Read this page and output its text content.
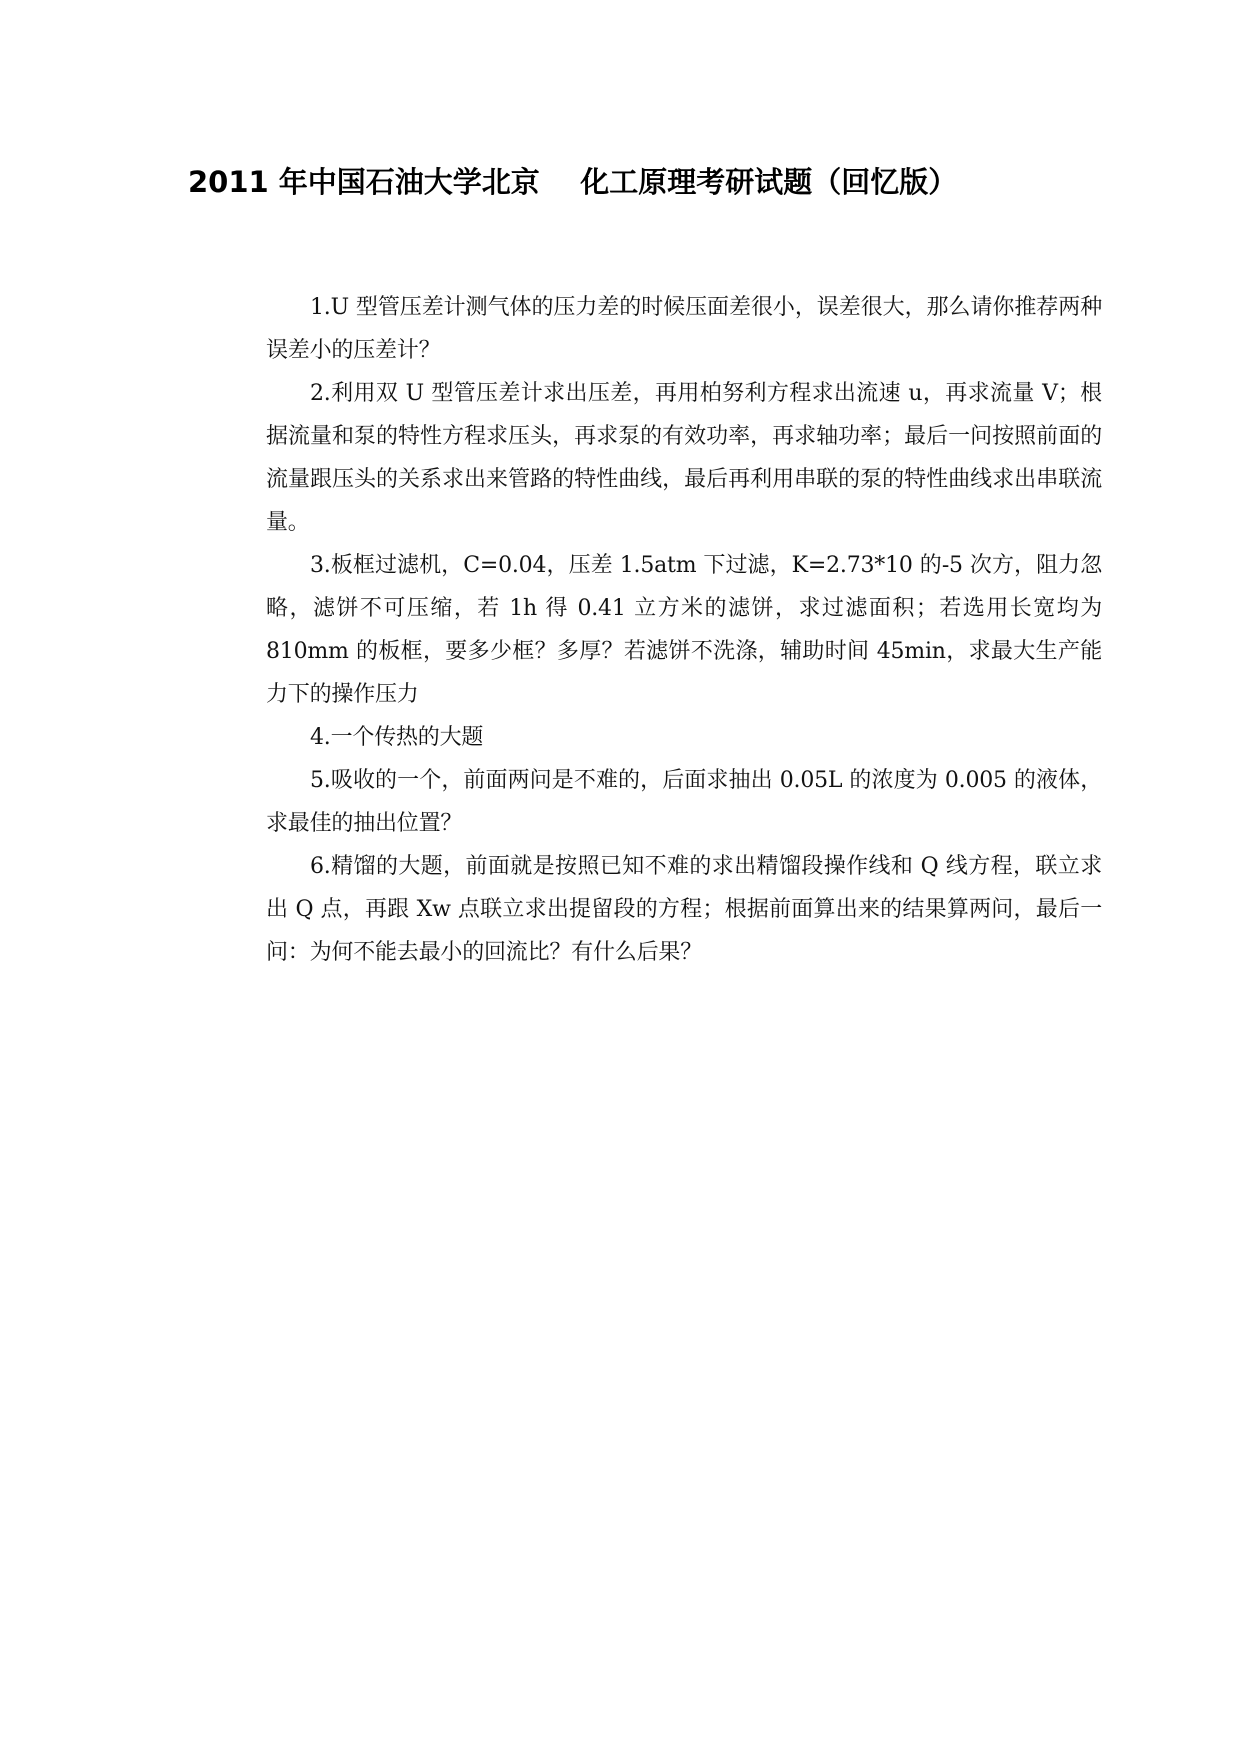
2011 年中国石油大学北京    化工原理考研试题（回忆版）

1.U 型管压差计测气体的压力差的时候压面差很小，误差很大，那么请你推荐两种误差小的压差计？

2.利用双 U 型管压差计求出压差，再用柏努利方程求出流速 u，再求流量 V；根据流量和泵的特性方程求压头，再求泵的有效功率，再求轴功率；最后一问按照前面的流量跟压头的关系求出来管路的特性曲线，最后再利用串联的泵的特性曲线求出串联流量。

3.板框过滤机，C=0.04，压差 1.5atm 下过滤，K=2.73*10 的-5 次方，阻力忽略，滤饼不可压缩，若 1h 得 0.41 立方米的滤饼，求过滤面积；若选用长宽均为 810mm 的板框，要多少框？多厚？若滤饼不洗涤，辅助时间 45min，求最大生产能力下的操作压力

4.一个传热的大题

5.吸收的一个，前面两问是不难的，后面求抽出 0.05L 的浓度为 0.005 的液体，求最佳的抽出位置？

6.精馏的大题，前面就是按照已知不难的求出精馏段操作线和 Q 线方程，联立求出 Q 点，再跟 Xw 点联立求出提留段的方程；根据前面算出来的结果算两问，最后一问：为何不能去最小的回流比？有什么后果？
